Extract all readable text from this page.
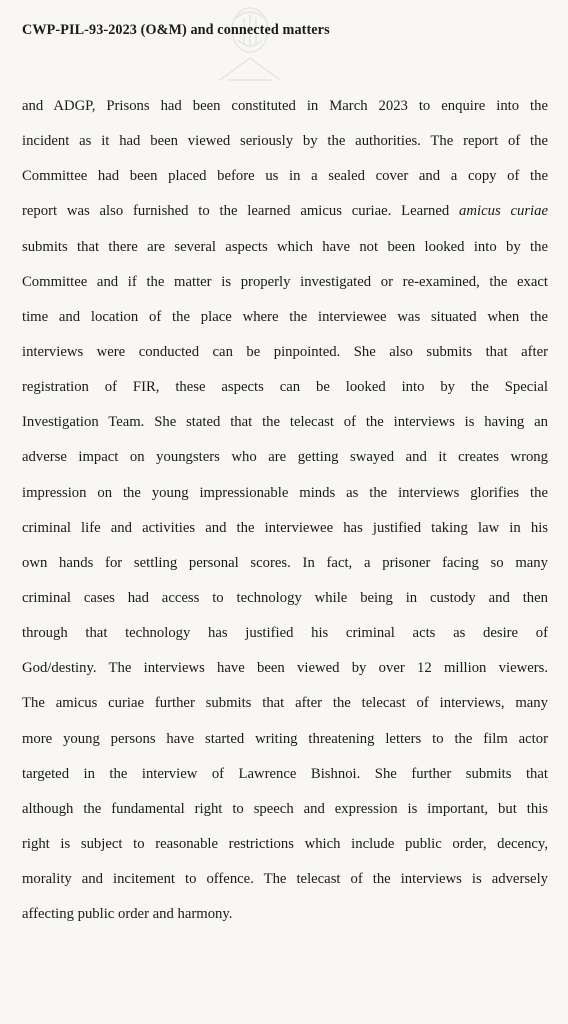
CWP-PIL-93-2023 (O&M) and connected matters
and ADGP, Prisons had been constituted in March 2023 to enquire into the
incident as it had been viewed seriously by the authorities. The report of the
Committee had been placed before us in a sealed cover and a copy of the
report was also furnished to the learned amicus curiae. Learned amicus curiae
submits that there are several aspects which have not been looked into by the
Committee and if the matter is properly investigated or re-examined, the exact
time and location of the place where the interviewee was situated when the
interviews were conducted can be pinpointed. She also submits that after
registration of FIR, these aspects can be looked into by the Special
Investigation Team. She stated that the telecast of the interviews is having an
adverse impact on youngsters who are getting swayed and it creates wrong
impression on the young impressionable minds as the interviews glorifies the
criminal life and activities and the interviewee has justified taking law in his
own hands for settling personal scores. In fact, a prisoner facing so many
criminal cases had access to technology while being in custody and then
through that technology has justified his criminal acts as desire of
God/destiny. The interviews have been viewed by over 12 million viewers.
The amicus curiae further submits that after the telecast of interviews, many
more young persons have started writing threatening letters to the film actor
targeted in the interview of Lawrence Bishnoi. She further submits that
although the fundamental right to speech and expression is important, but this
right is subject to reasonable restrictions which include public order, decency,
morality and incitement to offence. The telecast of the interviews is adversely
affecting public order and harmony.
